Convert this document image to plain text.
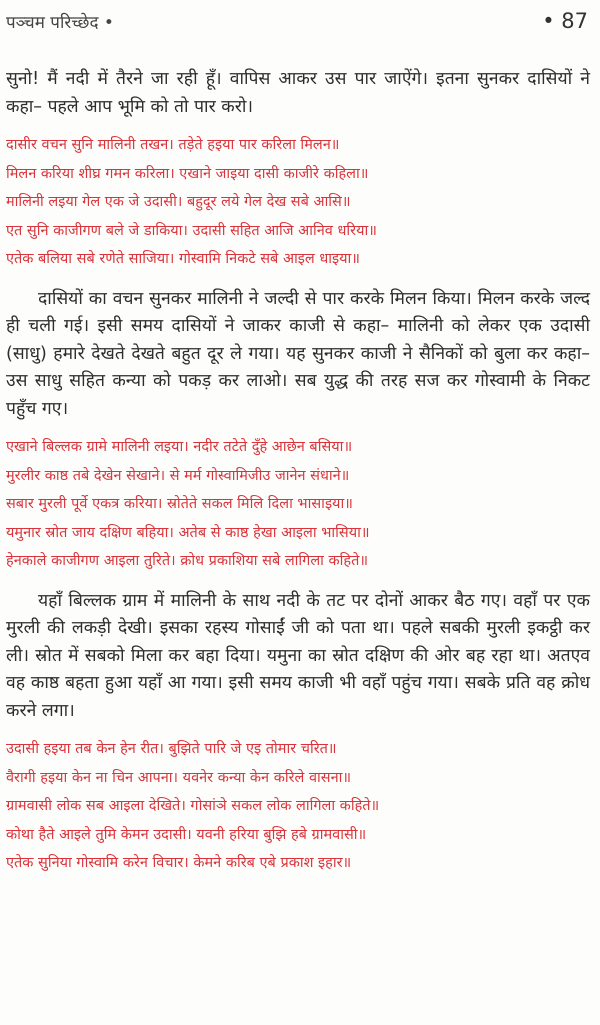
पञ्चम परिच्छेद •	• 87

सुनो! मैं नदी में तैरने जा रही हूँ। वापिस आकर उस पार जाऐंगे। इतना सुनकर दासियों ने कहा– पहले आप भूमि को तो पार करो।

दासीर वचन सुनि मालिनी तखन। तड़ेते हइया पार करिला मिलन॥
मिलन करिया शीघ्र गमन करिला। एखाने जाइया दासी काजीरे कहिला॥
मालिनी लइया गेल एक जे उदासी। बहुदूर लये गेल देख सबे आसि॥
एत सुनि काजीगण बले जे डाकिया। उदासी सहित आजि आनिव धरिया॥
एतेक बलिया सबे रणेते साजिया। गोस्वामि निकटे सबे आइल धाइया॥

दासियों का वचन सुनकर मालिनी ने जल्दी से पार करके मिलन किया। मिलन करके जल्द ही चली गई। इसी समय दासियों ने जाकर काजी से कहा– मालिनी को लेकर एक उदासी (साधु) हमारे देखते देखते बहुत दूर ले गया। यह सुनकर काजी ने सैनिकों को बुला कर कहा– उस साधु सहित कन्या को पकड़ कर लाओ। सब युद्ध की तरह सज कर गोस्वामी के निकट पहुँच गए।

एखाने बिल्लक ग्रामे मालिनी लइया। नदीर तटेते दुँहे आछेन बसिया॥
मुरलीर काष्ठ तबे देखेन सेखाने। से मर्म गोस्वामिजीउ जानेन संधाने॥
सबार मुरली पूर्वे एकत्र करिया। स्रोतेते सकल मिलि दिला भासाइया॥
यमुनार स्रोत जाय दक्षिण बहिया। अतेब से काष्ठ हेखा आइला भासिया॥
हेनकाले काजीगण आइला तुरिते। क्रोध प्रकाशिया सबे लागिला कहिते॥

यहाँ बिल्लक ग्राम में मालिनी के साथ नदी के तट पर दोनों आकर बैठ गए। वहाँ पर एक मुरली की लकड़ी देखी। इसका रहस्य गोसाईं जी को पता था। पहले सबकी मुरली इकट्ठी कर ली। स्रोत में सबको मिला कर बहा दिया। यमुना का स्रोत दक्षिण की ओर बह रहा था। अतएव वह काष्ठ बहता हुआ यहाँ आ गया। इसी समय काजी भी वहाँ पहुंच गया। सबके प्रति वह क्रोध करने लगा।

उदासी हइया तब केन हेन रीत। बुझिते पारि जे एइ तोमार चरित॥
वैरागी हइया केन ना चिन आपना। यवनेर कन्या केन करिले वासना॥
ग्रामवासी लोक सब आइला देखिते। गोसांञे सकल लोक लागिला कहिते॥
कोथा हैते आइले तुमि केमन उदासी। यवनी हरिया बुझि हबे ग्रामवासी॥
एतेक सुनिया गोस्वामि करेन विचार। केमने करिब एबे प्रकाश इहार॥
